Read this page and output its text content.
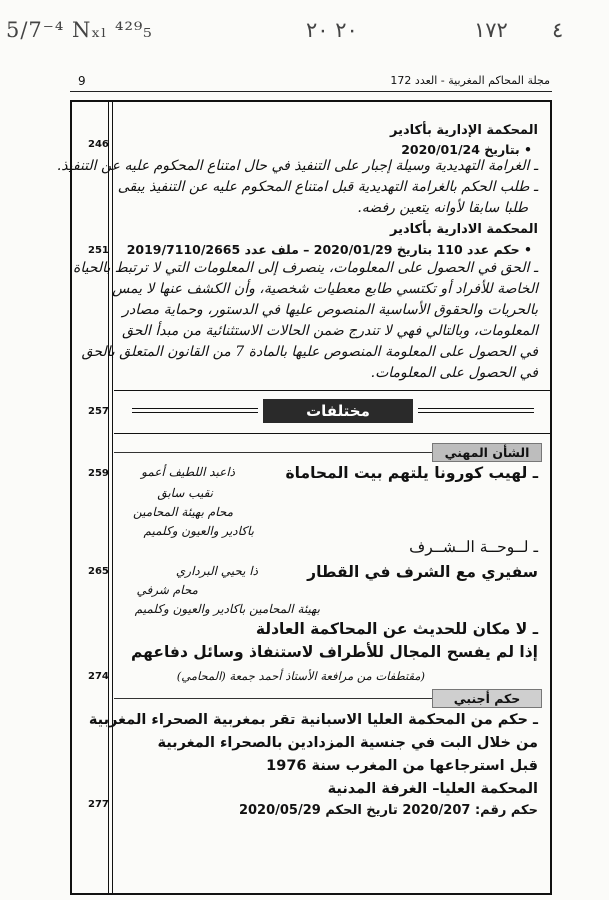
5/7⁻⁴ Nₓₗ ⁴²⁹₅	٢٠ ٢٠	١٧٢ ٤
9	مجلة المحاكم المغربية - العدد 172
المحكمة الإدارية بأكادير
• بتاريخ 2020/01/24
246
ـ الغرامة التهديدية وسيلة إجبار على التنفيذ في حال امتناع المحكوم عليه عن التنفيذ.
ـ طلب الحكم بالغرامة التهديدية قبل امتناع المحكوم عليه عن التنفيذ يبقى
طلبا سابقا لأوانه يتعين رفضه.
المحكمة الادارية بأكادير
• حكم عدد 110 بتاريخ 2020/01/29 – ملف عدد 2019/7110/2665
251
ـ الحق في الحصول على المعلومات، ينصرف إلى المعلومات التي لا ترتبط بالحياة
الخاصة للأفراد أو تكتسي طابع معطيات شخصية، وأن الكشف عنها لا يمس
بالحريات والحقوق الأساسية المنصوص عليها في الدستور، وحماية مصادر
المعلومات، وبالتالي فهي لا تندرج ضمن الحالات الاستثنائية من مبدأ الحق
في الحصول على المعلومة المنصوص عليها بالمادة 7 من القانون المتعلق بالحق
في الحصول على المعلومات.
مختلفات
257
الشأن المهني
ـ لهيب كورونا يلتهم بيت المحاماة
ذاعبد اللطيف أعمو
259
نقيب سابق
محام بهيئة المحامين
باكادير والعيون وكلميم
ـ لــوحــة الــشــرف
سفيري مع الشرف في القطار
ذا يحيي البرداري
265
محام شرفي
بهيئة المحامين باكادير والعيون وكلميم
ـ لا مكان للحديث عن المحاكمة العادلة
إذا لم يفسح المجال للأطراف لاستنفاذ وسائل دفاعهم
(مقتطفات من مرافعة الأستاذ أحمد جمعة (المحامي)
274
حكم أجنبي
ـ حكم من المحكمة العليا الاسبانية تقر بمغربية الصحراء المغربية
من خلال البت في جنسية المزدادين بالصحراء المغربية
قبل استرجاعها من المغرب سنة 1976
المحكمة العليا– الغرفة المدنية
حكم رقم: 2020/207 تاريخ الحكم 2020/05/29
277
